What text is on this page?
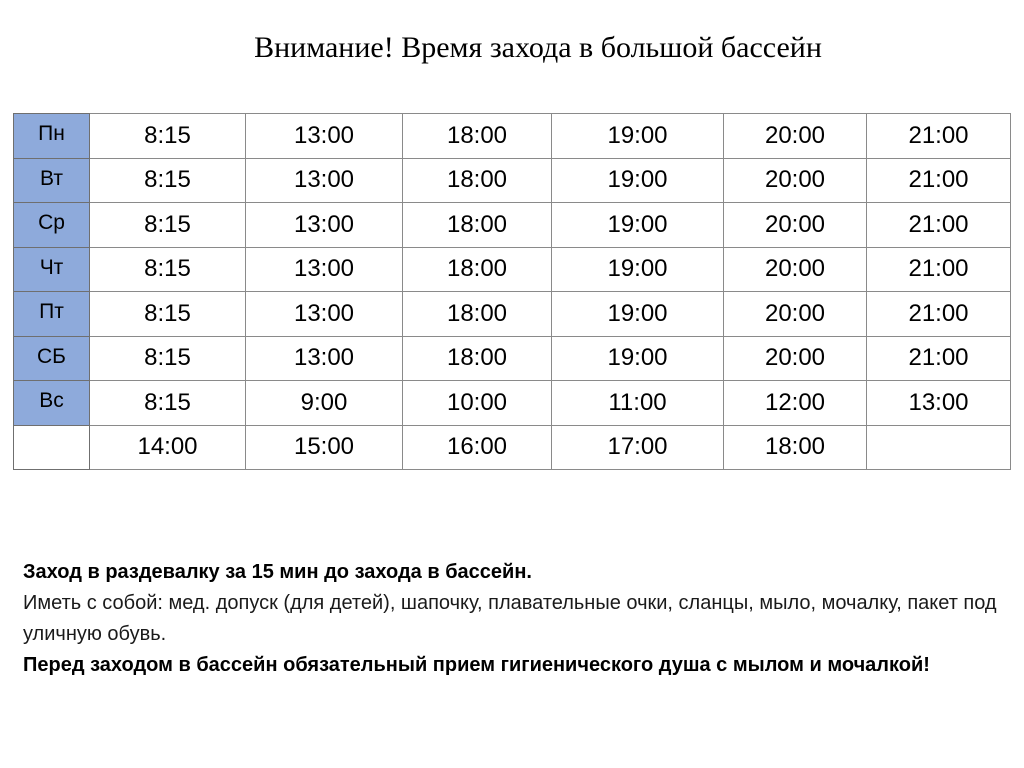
Внимание! Время захода в большой бассейн
Пн	8:15	13:00	18:00	19:00	20:00	21:00
Вт	8:15	13:00	18:00	19:00	20:00	21:00
Ср	8:15	13:00	18:00	19:00	20:00	21:00
Чт	8:15	13:00	18:00	19:00	20:00	21:00
Пт	8:15	13:00	18:00	19:00	20:00	21:00
СБ	8:15	13:00	18:00	19:00	20:00	21:00
Вс	8:15	9:00	10:00	11:00	12:00	13:00
	14:00	15:00	16:00	17:00	18:00	

Заход в раздевалку за 15 мин до захода в бассейн.

Иметь с собой: мед. допуск (для детей), шапочку, плавательные очки, сланцы, мыло, мочалку, пакет под уличную обувь.

Перед заходом в бассейн обязательный прием гигиенического душа с мылом и мочалкой!
